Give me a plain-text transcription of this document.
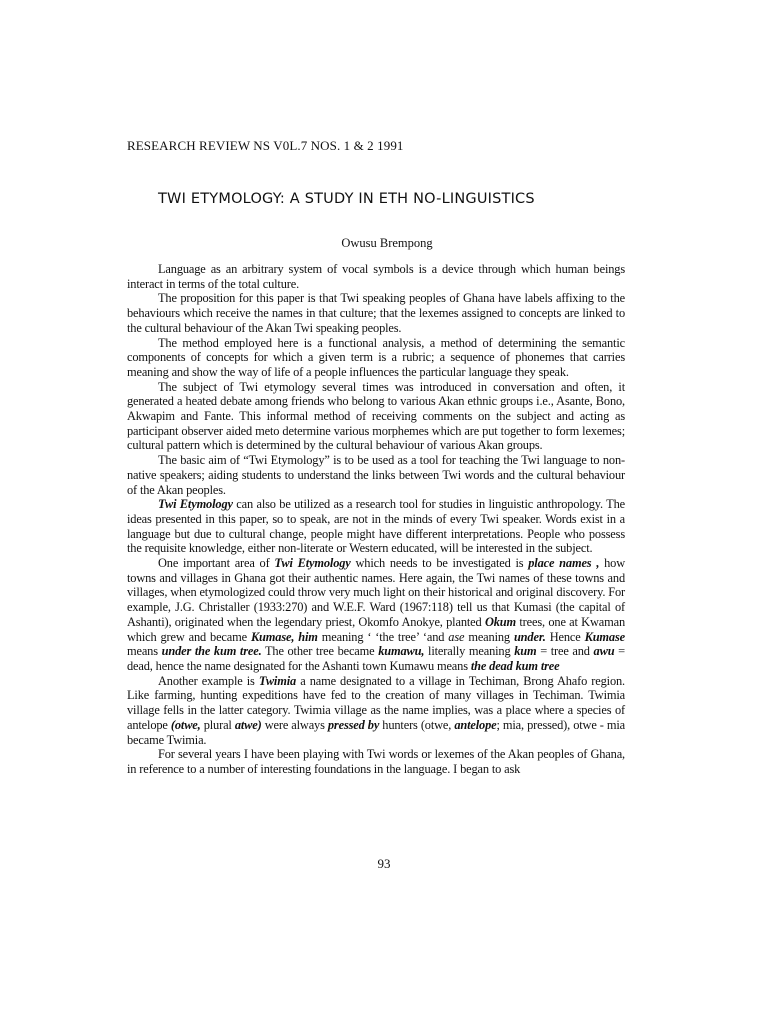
RESEARCH REVIEW NS V0L.7 NOS. 1 & 2 1991
TWI ETYMOLOGY: A STUDY IN ETH NO-LINGUISTICS
Owusu Brempong

Language as an arbitrary system of vocal symbols is a device through which human beings interact in terms of the total culture.

The proposition for this paper is that Twi speaking peoples of Ghana have labels affixing to the behaviours which receive the names in that culture; that the lexemes assigned to concepts are linked to the cultural behaviour of the Akan Twi speaking peoples.

The method employed here is a functional analysis, a method of determining the semantic components of concepts for which a given term is a rubric; a sequence of phonemes that carries meaning and show the way of life of a people influences the particular language they speak.

The subject of Twi etymology several times was introduced in conversation and often, it generated a heated debate among friends who belong to various Akan ethnic groups i.e., Asante, Bono, Akwapim and Fante. This informal method of receiving comments on the subject and acting as participant observer aided meto determine various morphemes which are put together to form lexemes; cultural pattern which is determined by the cultural behaviour of various Akan groups.

The basic aim of “Twi Etymology” is to be used as a tool for teaching the Twi language to non-native speakers; aiding students to understand the links between Twi words and the cultural behaviour of the Akan peoples.

Twi Etymology can also be utilized as a research tool for studies in linguistic anthropology. The ideas presented in this paper, so to speak, are not in the minds of every Twi speaker. Words exist in a language but due to cultural change, people might have different interpretations. People who possess the requisite knowledge, either non-literate or Western educated, will be interested in the subject.

One important area of Twi Etymology which needs to be investigated is place names , how towns and villages in Ghana got their authentic names. Here again, the Twi names of these towns and villages, when etymologized could throw very much light on their historical and original discovery. For example, J.G. Christaller (1933:270) and W.E.F. Ward (1967:118) tell us that Kumasi (the capital of Ashanti), originated when the legendary priest, Okomfo Anokye, planted Okum trees, one at Kwaman which grew and became Kumase, him meaning ‘ ‘the tree’ ‘and ase meaning under. Hence Kumase means under the kum tree. The other tree became kumawu, literally meaning kum = tree and awu = dead, hence the name designated for the Ashanti town Kumawu means the dead kum tree

Another example is Twimia a name designated to a village in Techiman, Brong Ahafo region. Like farming, hunting expeditions have fed to the creation of many villages in Techiman. Twimia village fells in the latter category. Twimia village as the name implies, was a place where a species of antelope (otwe, plural atwe) were always pressed by hunters (otwe, antelope; mia, pressed), otwe - mia became Twimia.

For several years I have been playing with Twi words or lexemes of the Akan peoples of Ghana, in reference to a number of interesting foundations in the language. I began to ask

93
